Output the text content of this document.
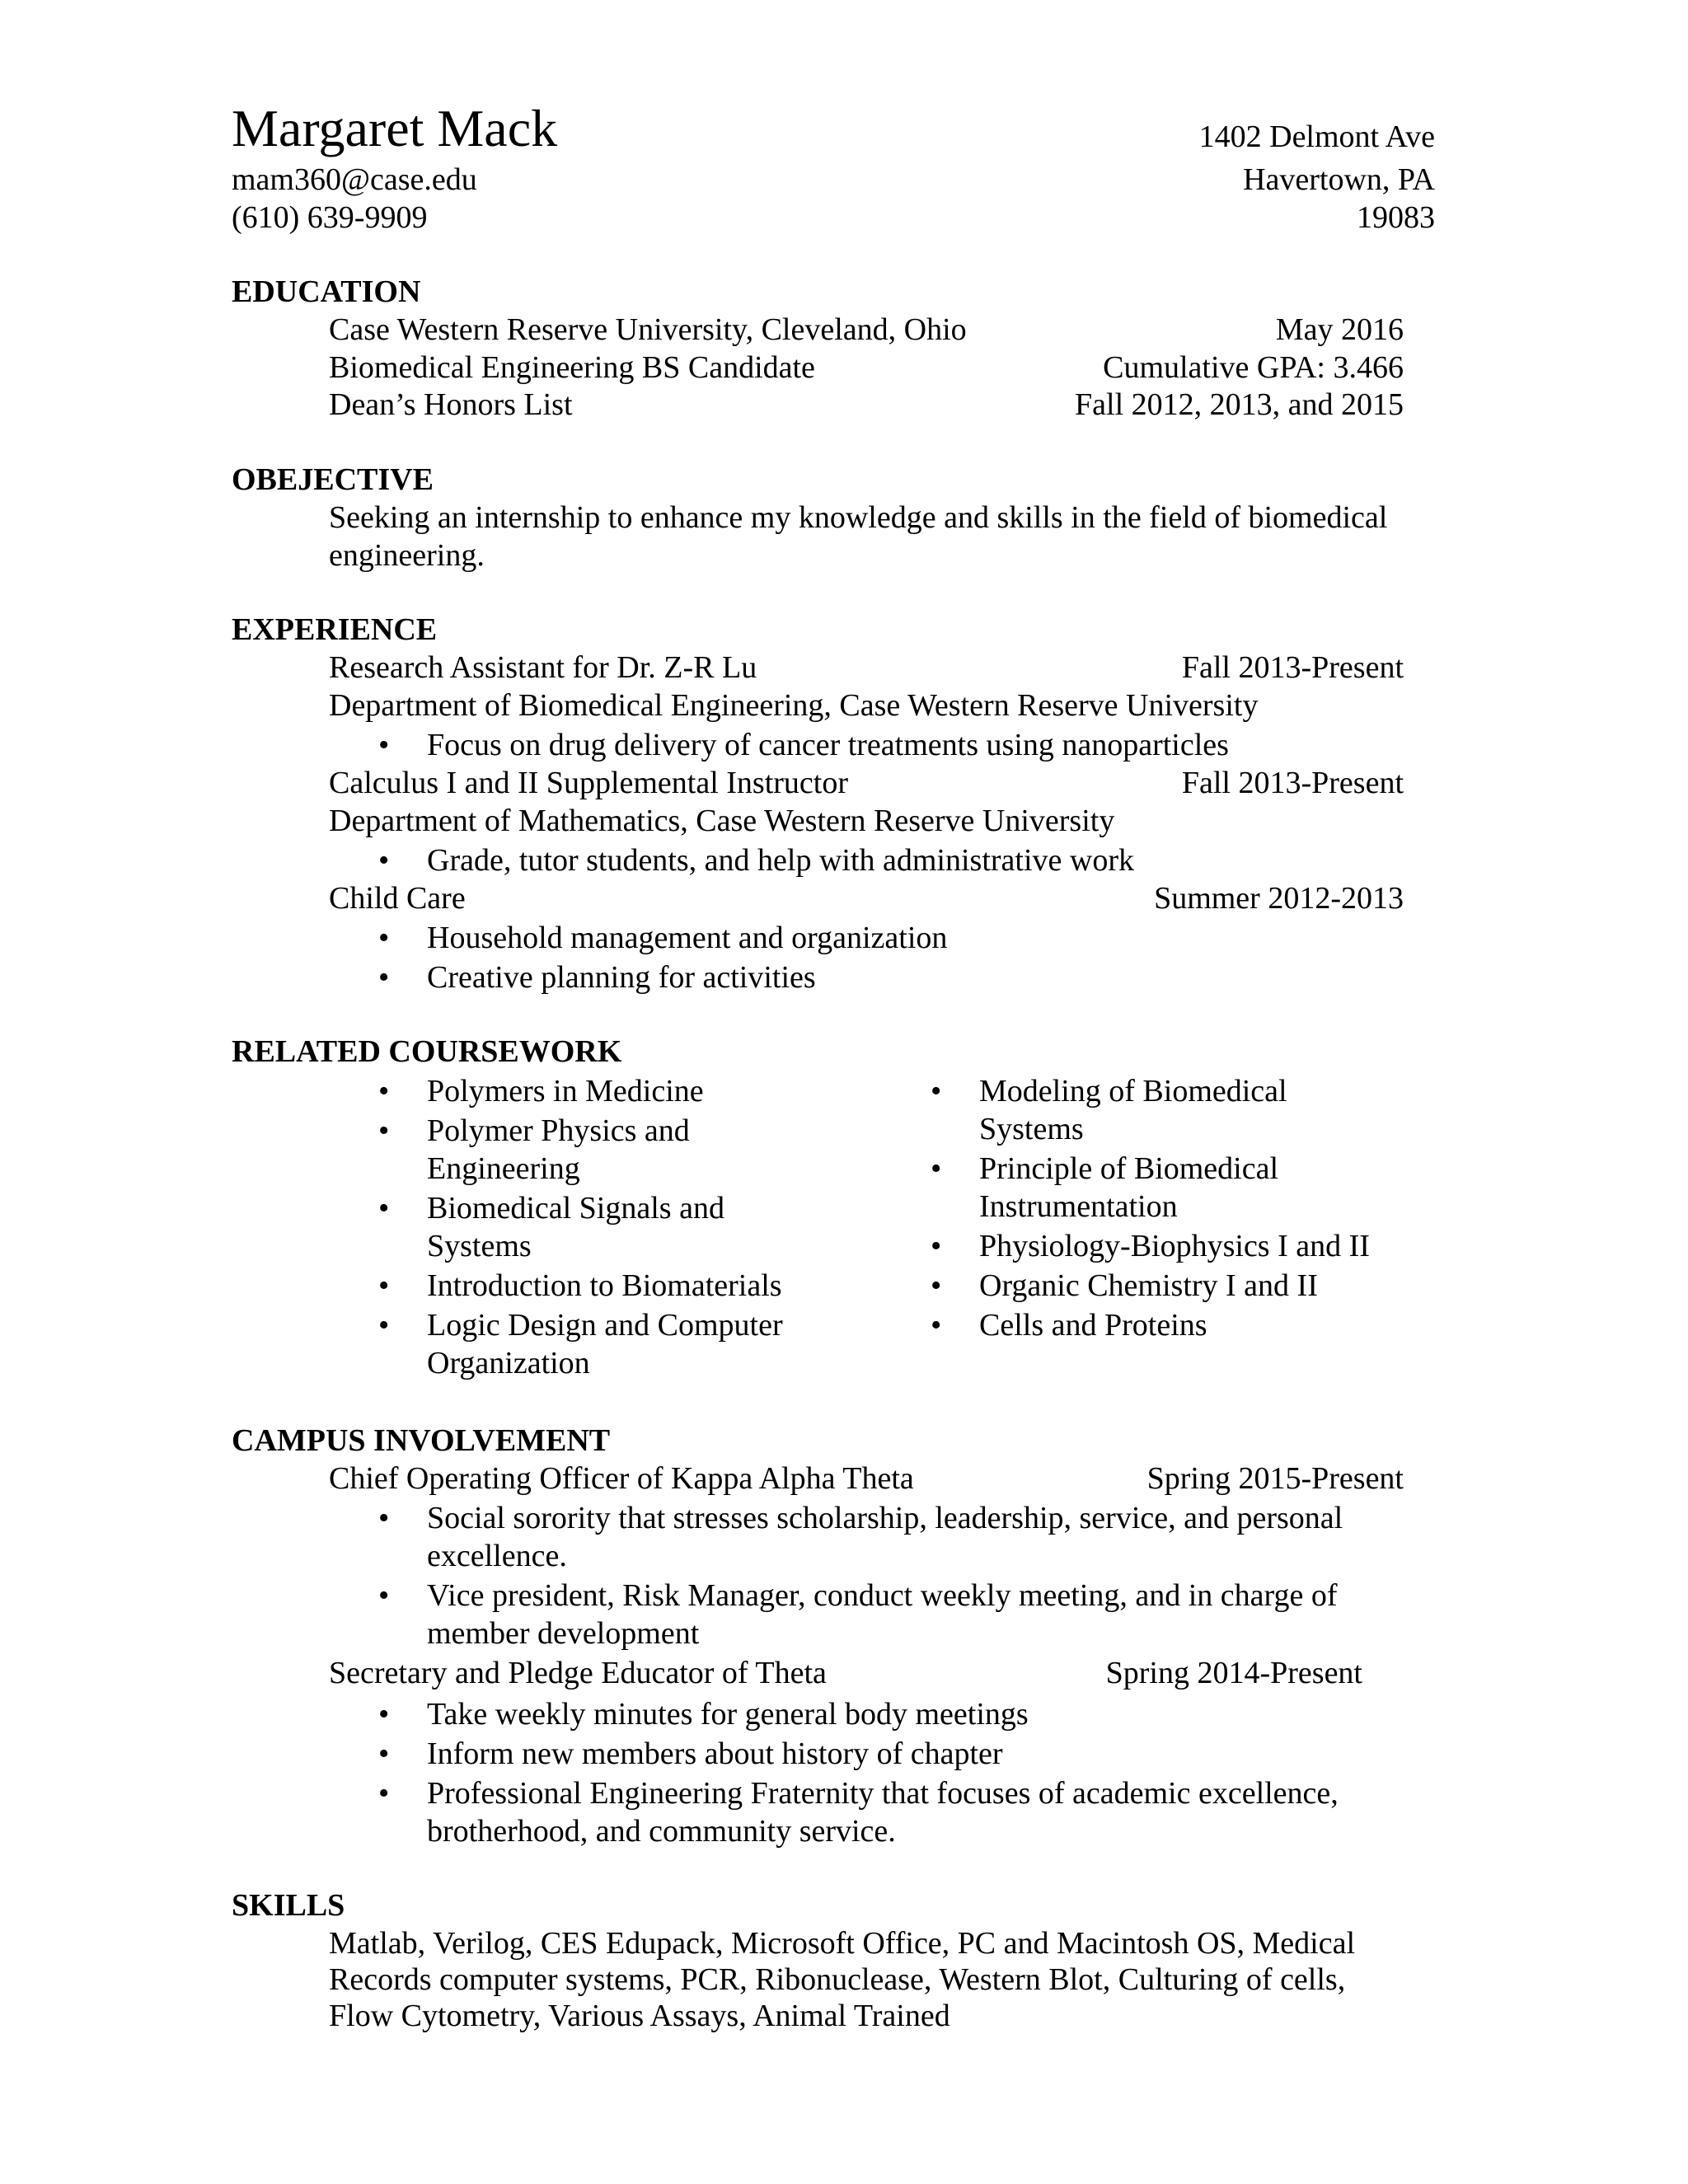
Margaret Mack
mam360@case.edu
(610) 639-9909
1402 Delmont Ave
Havertown, PA
19083
EDUCATION
Case Western Reserve University, Cleveland, Ohio	May 2016
Biomedical Engineering BS Candidate	Cumulative GPA: 3.466
Dean’s Honors List	Fall 2012, 2013, and 2015
OBEJECTIVE
Seeking an internship to enhance my knowledge and skills in the field of biomedical
engineering.
EXPERIENCE
Research Assistant for Dr. Z-R Lu	Fall 2013-Present
Department of Biomedical Engineering, Case Western Reserve University
• Focus on drug delivery of cancer treatments using nanoparticles
Calculus I and II Supplemental Instructor	Fall 2013-Present
Department of Mathematics, Case Western Reserve University
• Grade, tutor students, and help with administrative work
Child Care	Summer 2012-2013
• Household management and organization
• Creative planning for activities
RELATED COURSEWORK
• Polymers in Medicine
• Polymer Physics and
Engineering
• Biomedical Signals and
Systems
• Introduction to Biomaterials
• Logic Design and Computer
Organization
• Modeling of Biomedical
Systems
• Principle of Biomedical
Instrumentation
• Physiology-Biophysics I and II
• Organic Chemistry I and II
• Cells and Proteins
CAMPUS INVOLVEMENT
Chief Operating Officer of Kappa Alpha Theta	Spring 2015-Present
• Social sorority that stresses scholarship, leadership, service, and personal
excellence.
• Vice president, Risk Manager, conduct weekly meeting, and in charge of
member development
Secretary and Pledge Educator of Theta	Spring 2014-Present
• Take weekly minutes for general body meetings
• Inform new members about history of chapter
• Professional Engineering Fraternity that focuses of academic excellence,
brotherhood, and community service.
SKILLS
Matlab, Verilog, CES Edupack, Microsoft Office, PC and Macintosh OS, Medical
Records computer systems, PCR, Ribonuclease, Western Blot, Culturing of cells,
Flow Cytometry, Various Assays, Animal Trained
